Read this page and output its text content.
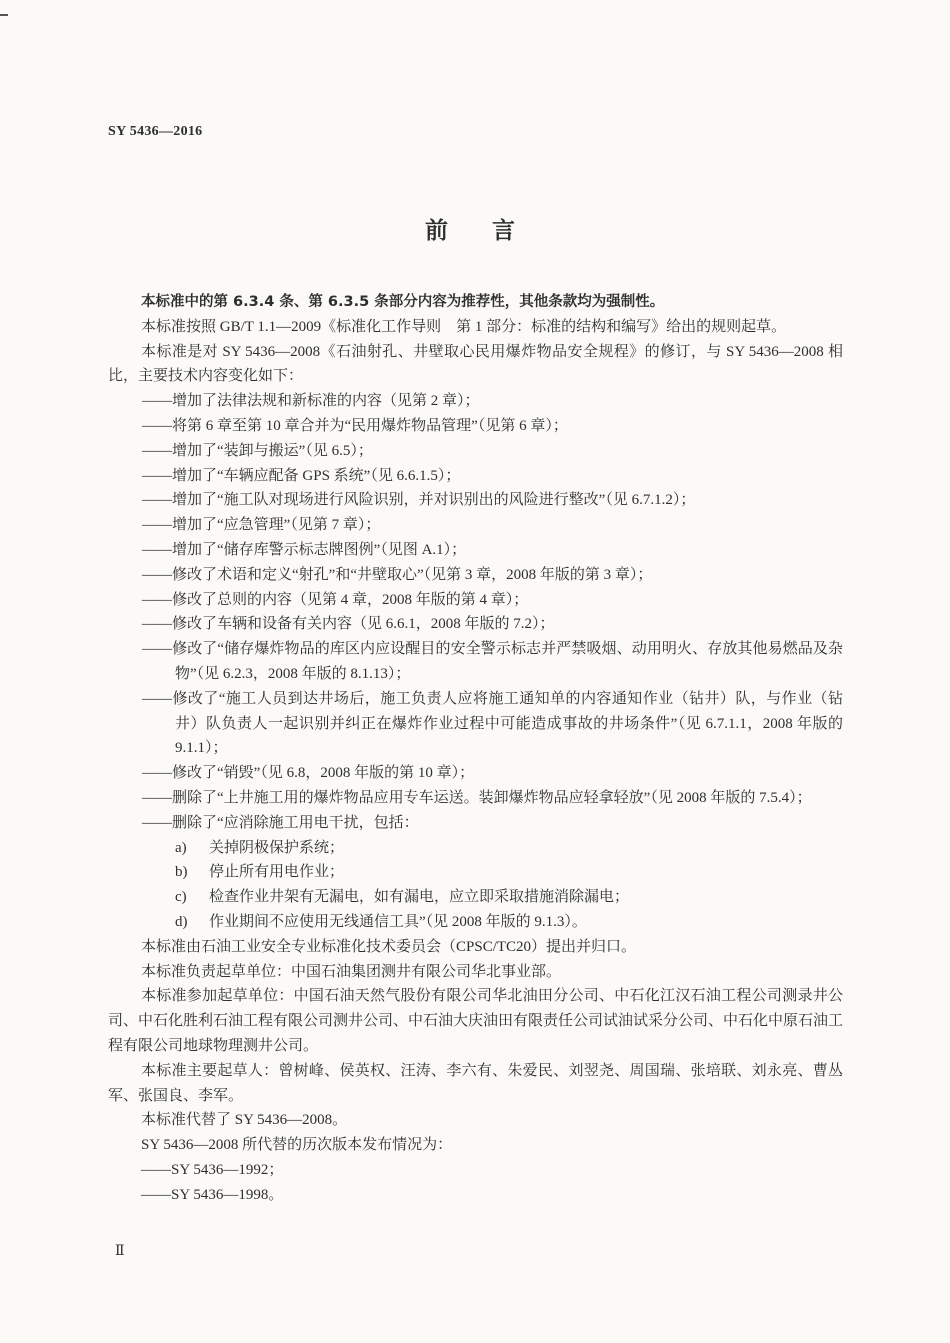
SY 5436—2016
前言

本标准中的第 6.3.4 条、第 6.3.5 条部分内容为推荐性，其他条款均为强制性。

本标准按照 GB/T 1.1—2009《标准化工作导则　第 1 部分：标准的结构和编写》给出的规则起草。

本标准是对 SY 5436—2008《石油射孔、井壁取心民用爆炸物品安全规程》的修订，与 SY 5436—2008 相比，主要技术内容变化如下：

——增加了法律法规和新标准的内容（见第 2 章）；

——将第 6 章至第 10 章合并为“民用爆炸物品管理”（见第 6 章）；

——增加了“装卸与搬运”（见 6.5）；

——增加了“车辆应配备 GPS 系统”（见 6.6.1.5）；

——增加了“施工队对现场进行风险识别，并对识别出的风险进行整改”（见 6.7.1.2）；

——增加了“应急管理”（见第 7 章）；

——增加了“储存库警示标志牌图例”（见图 A.1）；

——修改了术语和定义“射孔”和“井壁取心”（见第 3 章，2008 年版的第 3 章）；

——修改了总则的内容（见第 4 章，2008 年版的第 4 章）；

——修改了车辆和设备有关内容（见 6.6.1，2008 年版的 7.2）；

——修改了“储存爆炸物品的库区内应设醒目的安全警示标志并严禁吸烟、动用明火、存放其他易燃品及杂物”（见 6.2.3，2008 年版的 8.1.13）；

——修改了“施工人员到达井场后，施工负责人应将施工通知单的内容通知作业（钻井）队，与作业（钻井）队负责人一起识别并纠正在爆炸作业过程中可能造成事故的井场条件”（见 6.7.1.1，2008 年版的 9.1.1）；

——修改了“销毁”（见 6.8，2008 年版的第 10 章）；

——删除了“上井施工用的爆炸物品应用专车运送。装卸爆炸物品应轻拿轻放”（见 2008 年版的 7.5.4）；

——删除了“应消除施工用电干扰，包括：

a) 关掉阴极保护系统；

b) 停止所有用电作业；

c) 检查作业井架有无漏电，如有漏电，应立即采取措施消除漏电；

d) 作业期间不应使用无线通信工具”（见 2008 年版的 9.1.3）。

本标准由石油工业安全专业标准化技术委员会（CPSC/TC20）提出并归口。

本标准负责起草单位：中国石油集团测井有限公司华北事业部。

本标准参加起草单位：中国石油天然气股份有限公司华北油田分公司、中石化江汉石油工程公司测录井公司、中石化胜利石油工程有限公司测井公司、中石油大庆油田有限责任公司试油试采分公司、中石化中原石油工程有限公司地球物理测井公司。

本标准主要起草人：曾树峰、侯英权、汪涛、李六有、朱爱民、刘翌尧、周国瑞、张培联、刘永亮、曹丛军、张国良、李军。

本标准代替了 SY 5436—2008。

SY 5436—2008 所代替的历次版本发布情况为：

——SY 5436—1992；

——SY 5436—1998。

Ⅱ
